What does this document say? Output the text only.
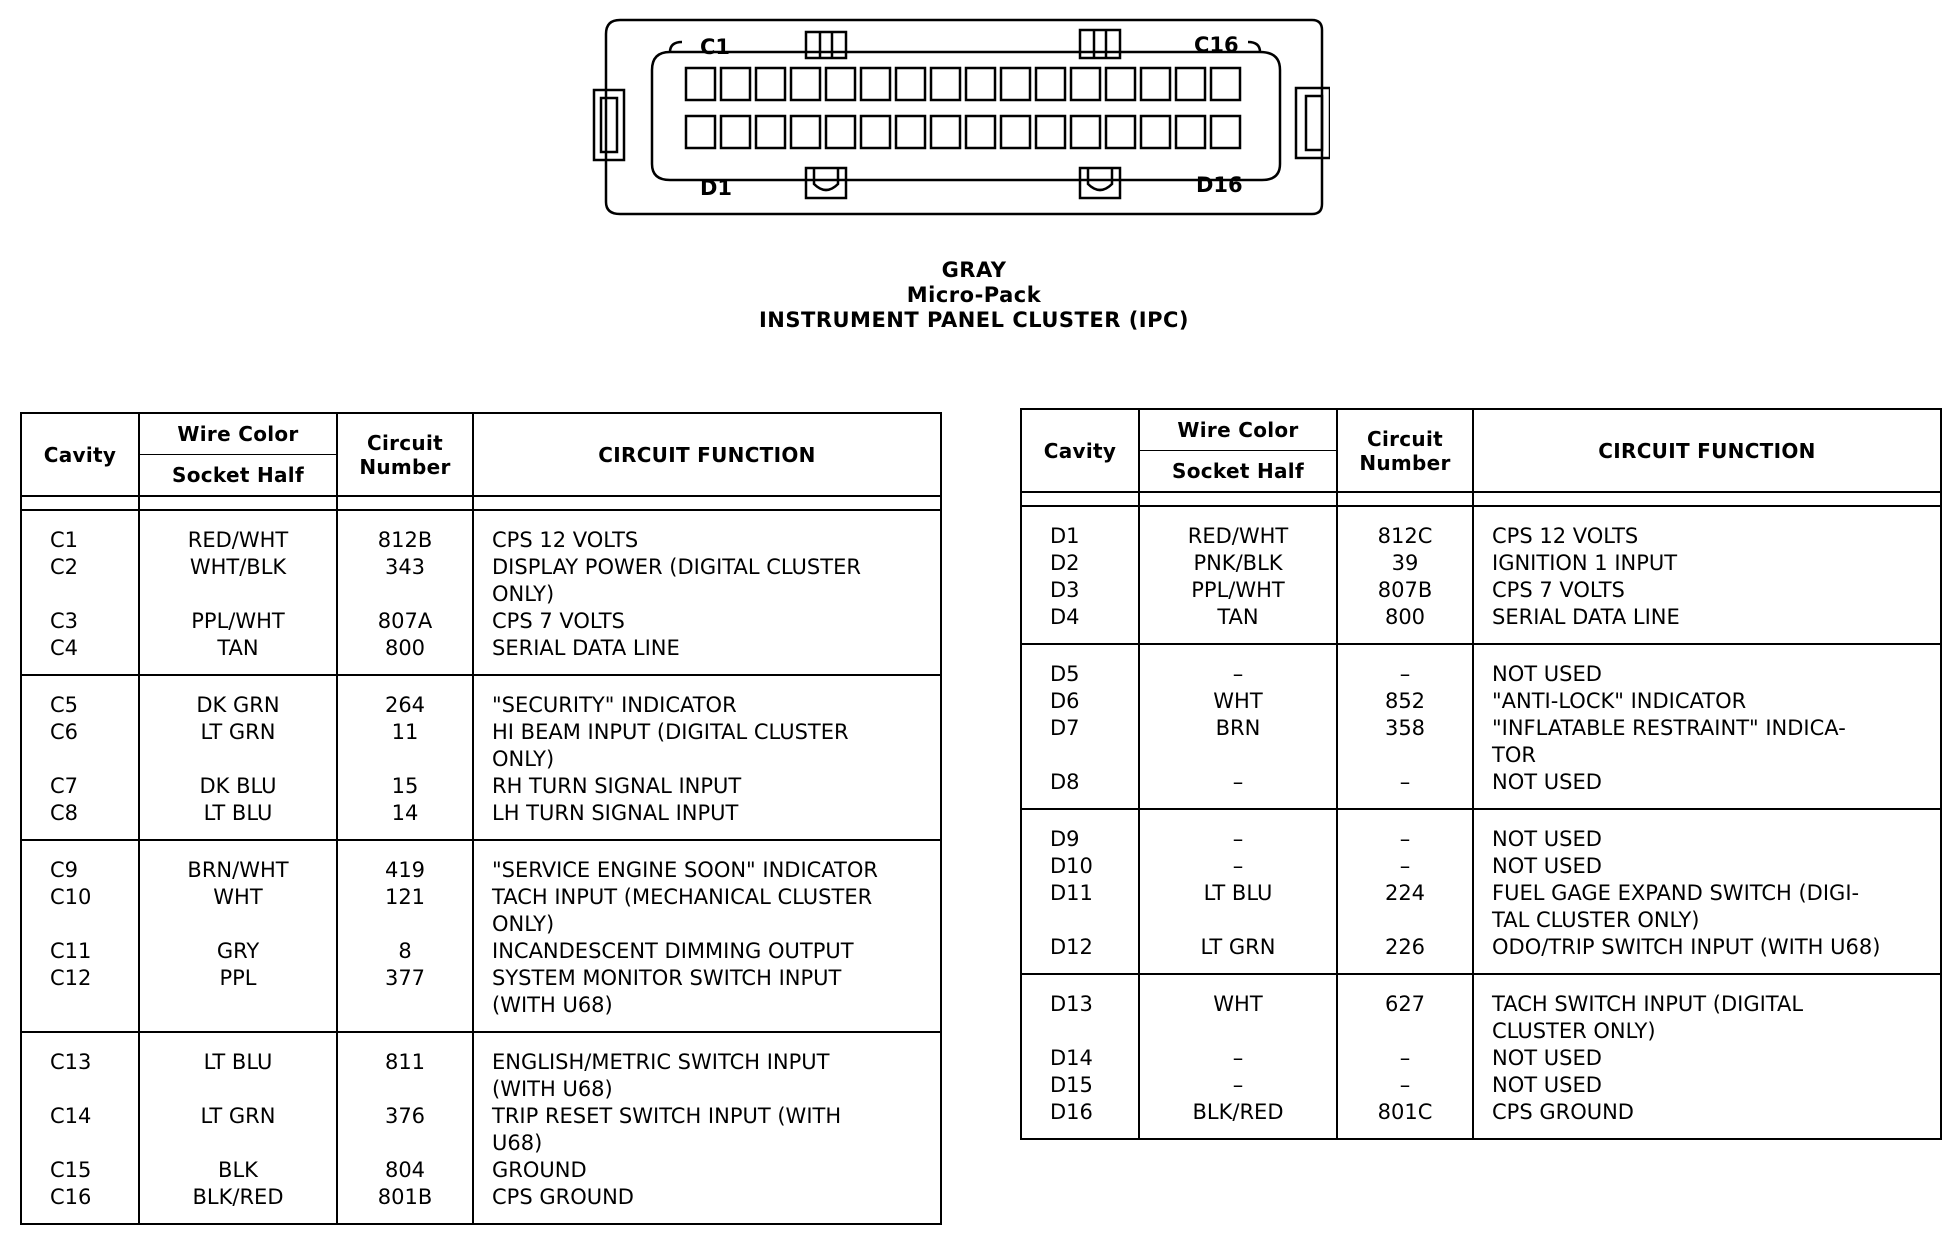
C1	C16
D1	D16
GRAY
Micro-Pack
INSTRUMENT PANEL CLUSTER (IPC)
Cavity	Wire Color	Circuit	CIRCUIT FUNCTION
	Socket Half	Number	

C1	RED/WHT	812B	CPS 12 VOLTS

C2	WHT/BLK	343	DISPLAY POWER (DIGITAL CLUSTER
ONLY)

C3	PPL/WHT	807A	CPS 7 VOLTS

C4	TAN	800	SERIAL DATA LINE

C5	DK GRN	264	"SECURITY" INDICATOR

C6	LT GRN	11	HI BEAM INPUT (DIGITAL CLUSTER
ONLY)

C7	DK BLU	15	RH TURN SIGNAL INPUT

C8	LT BLU	14	LH TURN SIGNAL INPUT

C9	BRN/WHT	419	"SERVICE ENGINE SOON" INDICATOR

C10	WHT	121	TACH INPUT (MECHANICAL CLUSTER
ONLY)

C11	GRY	8	INCANDESCENT DIMMING OUTPUT

C12	PPL	377	SYSTEM MONITOR SWITCH INPUT
(WITH U68)

C13	LT BLU	811	ENGLISH/METRIC SWITCH INPUT
(WITH U68)

C14	LT GRN	376	TRIP RESET SWITCH INPUT (WITH
U68)

C15	BLK	804	GROUND

C16	BLK/RED	801B	CPS GROUND
Cavity	Wire Color	Circuit	CIRCUIT FUNCTION
	Socket Half	Number	

D1	RED/WHT	812C	CPS 12 VOLTS

D2	PNK/BLK	39	IGNITION 1 INPUT

D3	PPL/WHT	807B	CPS 7 VOLTS

D4	TAN	800	SERIAL DATA LINE

D5	–	–	NOT USED

D6	WHT	852	"ANTI-LOCK" INDICATOR

D7	BRN	358	"INFLATABLE RESTRAINT" INDICA-
TOR

D8	–	–	NOT USED

D9	–	–	NOT USED

D10	–	–	NOT USED

D11	LT BLU	224	FUEL GAGE EXPAND SWITCH (DIGI-
TAL CLUSTER ONLY)

D12	LT GRN	226	ODO/TRIP SWITCH INPUT (WITH U68)

D13	WHT	627	TACH SWITCH INPUT (DIGITAL
CLUSTER ONLY)

D14	–	–	NOT USED

D15	–	–	NOT USED

D16	BLK/RED	801C	CPS GROUND
